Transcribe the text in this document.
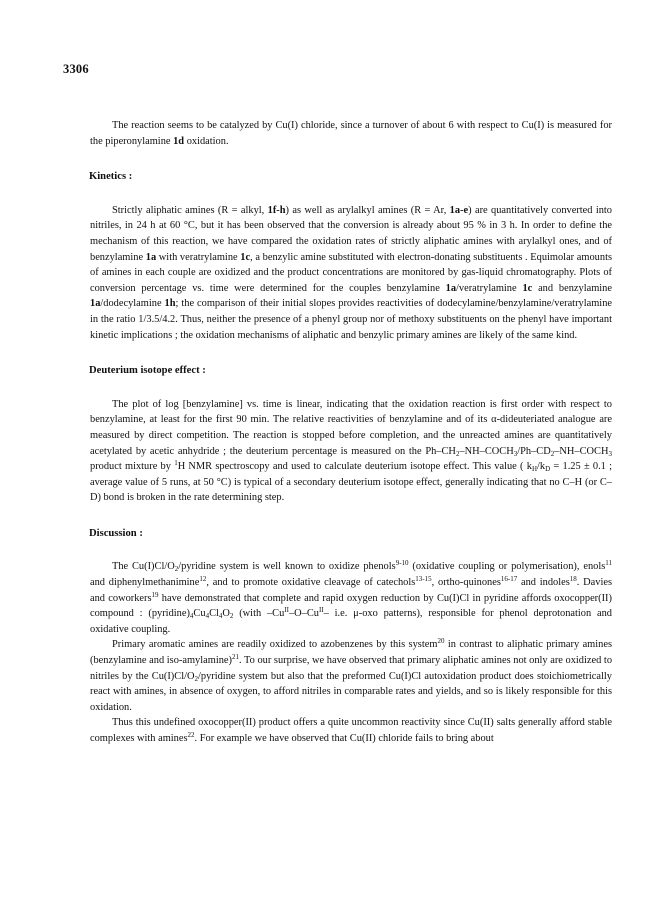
3306

The reaction seems to be catalyzed by Cu(I) chloride, since a turnover of about 6 with respect to Cu(I) is measured for the piperonylamine 1d oxidation.

Kinetics :

Strictly aliphatic amines (R = alkyl, 1f-h) as well as arylalkyl amines (R = Ar, 1a-e) are quantitatively converted into nitriles, in 24 h at 60 °C, but it has been observed that the conversion is already about 95 % in 3 h. In order to define the mechanism of this reaction, we have compared the oxidation rates of strictly aliphatic amines with arylalkyl ones, and of benzylamine 1a with veratrylamine 1c, a benzylic amine substituted with electron-donating substituents . Equimolar amounts of amines in each couple are oxidized and the product concentrations are monitored by gas-liquid chromatography. Plots of conversion percentage vs. time were determined for the couples benzylamine 1a/veratrylamine 1c and benzylamine 1a/dodecylamine 1h; the comparison of their initial slopes provides reactivities of dodecylamine/benzylamine/veratrylamine in the ratio 1/3.5/4.2. Thus, neither the presence of a phenyl group nor of methoxy substituents on the phenyl have important kinetic implications ; the oxidation mechanisms of aliphatic and benzylic primary amines are likely of the same kind.

Deuterium isotope effect :

The plot of log [benzylamine] vs. time is linear, indicating that the oxidation reaction is first order with respect to benzylamine, at least for the first 90 min. The relative reactivities of benzylamine and of its α-dideuteriated analogue are measured by direct competition. The reaction is stopped before completion, and the unreacted amines are quantitatively acetylated by acetic anhydride ; the deuterium percentage is measured on the $Ph-CH_2-NH-COCH_3/Ph-CD_2-NH-COCH_3$ product mixture by $^1$H NMR spectroscopy and used to calculate deuterium isotope effect. This value ( $k_H/k_D = 1.25 \pm 0.1$ ; average value of 5 runs, at 50 °C) is typical of a secondary deuterium isotope effect, generally indicating that no C–H (or C–D) bond is broken in the rate determining step.

Discussion :

The $Cu(I)Cl/O_2$/pyridine system is well known to oxidize phenols$^{9-10}$ (oxidative coupling or polymerisation), enols$^{11}$ and diphenylmethanimine$^{12}$, and to promote oxidative cleavage of catechols$^{13-15}$, ortho-quinones$^{16-17}$ and indoles$^{18}$. Davies and coworkers$^{19}$ have demonstrated that complete and rapid oxygen reduction by Cu(I)Cl in pyridine affords oxocopper(II) compound : $(pyridine)_4Cu_4Cl_4O_2$ (with $-Cu^{II}-O-Cu^{II}-$ i.e. μ-oxo patterns), responsible for phenol deprotonation and oxidative coupling.

Primary aromatic amines are readily oxidized to azobenzenes by this system$^{20}$ in contrast to aliphatic primary amines (benzylamine and iso-amylamine)$^{21}$. To our surprise, we have observed that primary aliphatic amines not only are oxidized to nitriles by the $Cu(I)Cl/O_2$/pyridine system but also that the preformed Cu(I)Cl autoxidation product does stoichiometrically react with amines, in absence of oxygen, to afford nitriles in comparable rates and yields, and so is likely responsible for this oxidation.

Thus this undefined oxocopper(II) product offers a quite uncommon reactivity since Cu(II) salts generally afford stable complexes with amines$^{22}$. For example we have observed that Cu(II) chloride fails to bring about
